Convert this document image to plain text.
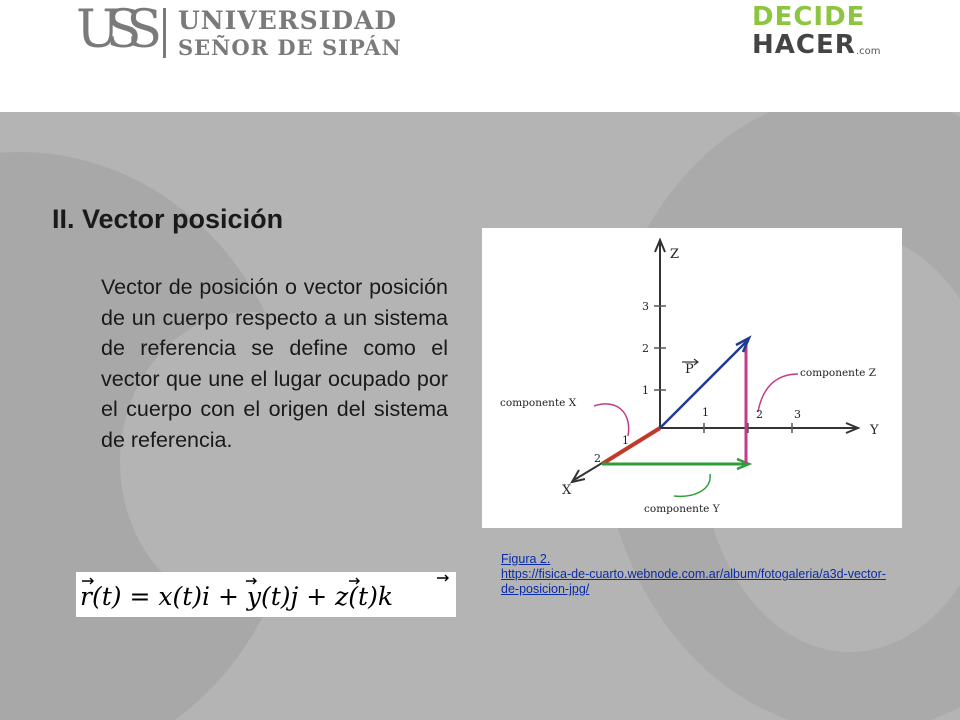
USS UNIVERSIDAD
SEÑOR DE SIPÁN
DECIDE
HACER .com
II. Vector posición

Vector de posición o vector posición de un cuerpo respecto a un sistema de referencia se define como el vector que une el lugar ocupado por el cuerpo con el origen del sistema de referencia.

r(t) = x(t)i + y(t)j + z(t)k
Z
Y
X
P
1
2
3
1	2	3
1
2
componente Z
componente X
componente Y
Figura 2.
https://fisica-de-cuarto.webnode.com.ar/album/fotogaleria/a3d-vector-de-posicion-jpg/
